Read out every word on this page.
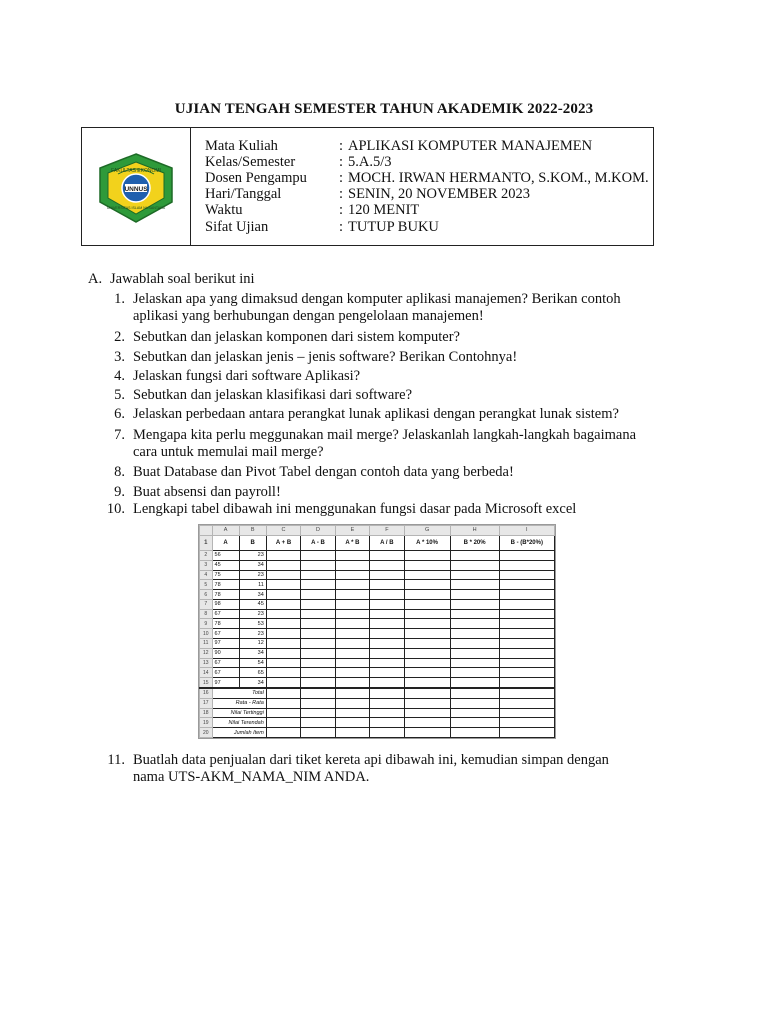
UJIAN TENGAH SEMESTER TAHUN AKADEMIK 2022-2023
UNNUS
FAKULTAS EKONOMI
UNIVERSITAS ISLAM NUSANTARA
Mata Kuliah	: APLIKASI KOMPUTER MANAJEMEN
Kelas/Semester	: 5.A.5/3
Dosen Pengampu : MOCH. IRWAN HERMANTO, S.KOM., M.KOM.
Hari/Tanggal	: SENIN, 20 NOVEMBER 2023
Waktu	: 120 MENIT
Sifat Ujian	: TUTUP BUKU
A. Jawablah soal berikut ini
1. Jelaskan apa yang dimaksud dengan komputer aplikasi manajemen? Berikan contoh
aplikasi yang berhubungan dengan pengelolaan manajemen!
2. Sebutkan dan jelaskan komponen dari sistem komputer?
3. Sebutkan dan jelaskan jenis – jenis software? Berikan Contohnya!
4. Jelaskan fungsi dari software Aplikasi?
5. Sebutkan dan jelaskan klasifikasi dari software?
6. Jelaskan perbedaan antara perangkat lunak aplikasi dengan perangkat lunak sistem?
7. Mengapa kita perlu meggunakan mail merge? Jelaskanlah langkah-langkah bagaimana
cara untuk memulai mail merge?
8. Buat Database dan Pivot Tabel dengan contoh data yang berbeda!
9. Buat absensi dan payroll!
10. Lengkapi tabel dibawah ini menggunakan fungsi dasar pada Microsoft excel
	A	B	C	D	E	F	G	H	I
1	A	B	A + B	A - B	A * B	A / B	A * 10%	B * 20%	B - (B*20%)
2	56	23							
3	45	34							
4	75	23							
5	78	11							
6	78	34							
7	98	45							
8	67	23							
9	78	53							
10	67	23							
11	97	12							
12	90	34							
13	67	54							
14	67	65							
15	97	34							
16	Total								
17	Rata - Rata								
18	Nilai Tertinggi								
19	Nilai Terendah								
20	Jumlah Item								
11. Buatlah data penjualan dari tiket kereta api dibawah ini, kemudian simpan dengan
nama UTS-AKM_NAMA_NIM ANDA.
